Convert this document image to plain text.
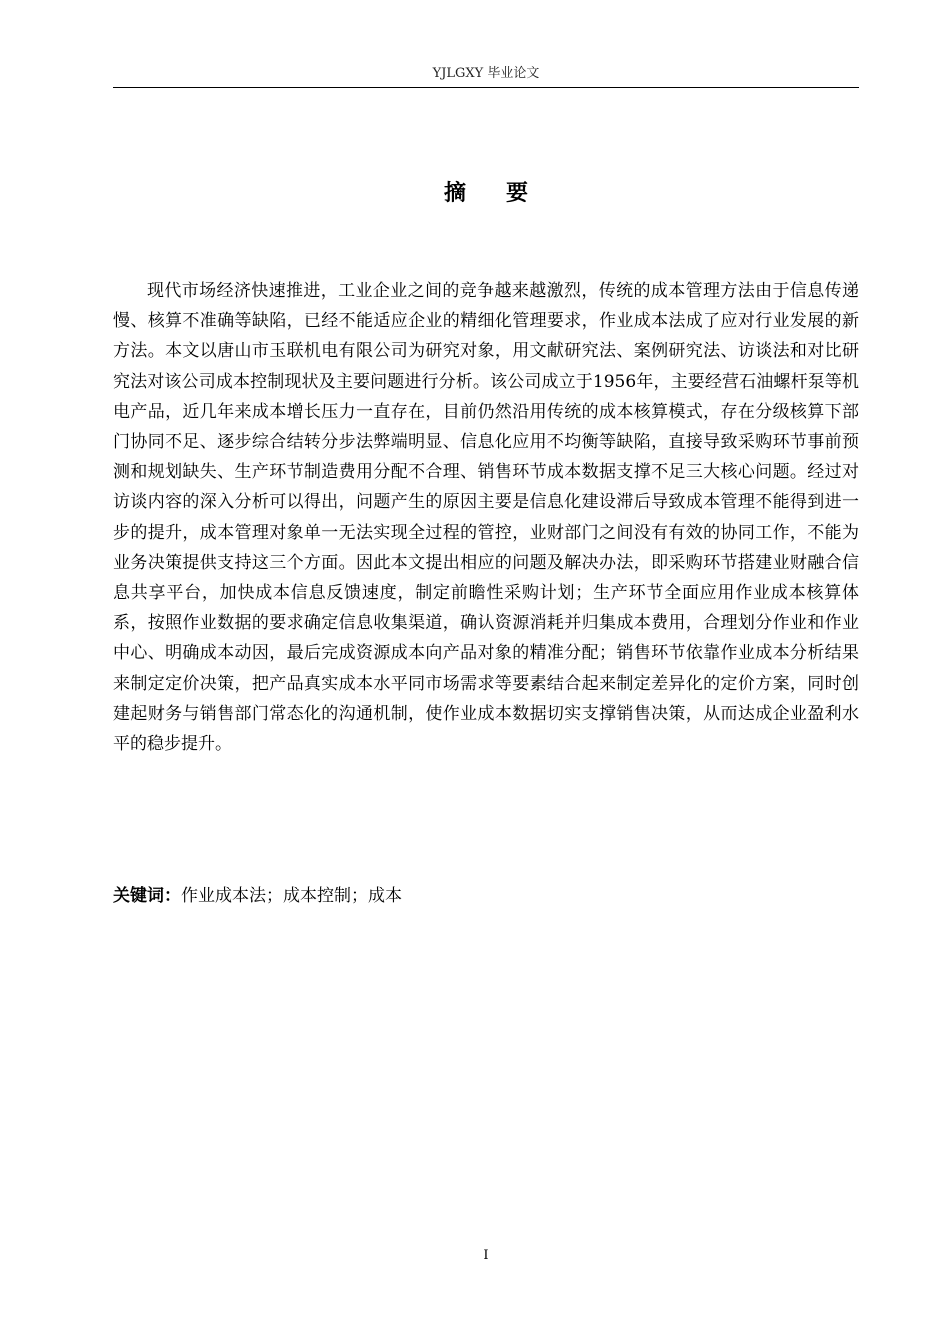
YJLGXY 毕业论文
摘要

现代市场经济快速推进，工业企业之间的竞争越来越激烈，传统的成本管理方法由于信息传递慢、核算不准确等缺陷，已经不能适应企业的精细化管理要求，作业成本法成了应对行业发展的新方法。本文以唐山市玉联机电有限公司为研究对象，用文献研究法、案例研究法、访谈法和对比研究法对该公司成本控制现状及主要问题进行分析。该公司成立于1956年，主要经营石油螺杆泵等机电产品，近几年来成本增长压力一直存在，目前仍然沿用传统的成本核算模式，存在分级核算下部门协同不足、逐步综合结转分步法弊端明显、信息化应用不均衡等缺陷，直接导致采购环节事前预测和规划缺失、生产环节制造费用分配不合理、销售环节成本数据支撑不足三大核心问题。经过对访谈内容的深入分析可以得出，问题产生的原因主要是信息化建设滞后导致成本管理不能得到进一步的提升，成本管理对象单一无法实现全过程的管控，业财部门之间没有有效的协同工作，不能为业务决策提供支持这三个方面。因此本文提出相应的问题及解决办法，即采购环节搭建业财融合信息共享平台，加快成本信息反馈速度，制定前瞻性采购计划；生产环节全面应用作业成本核算体系，按照作业数据的要求确定信息收集渠道，确认资源消耗并归集成本费用，合理划分作业和作业中心、明确成本动因，最后完成资源成本向产品对象的精准分配；销售环节依靠作业成本分析结果来制定定价决策，把产品真实成本水平同市场需求等要素结合起来制定差异化的定价方案，同时创建起财务与销售部门常态化的沟通机制，使作业成本数据切实支撑销售决策，从而达成企业盈利水平的稳步提升。

关键词：作业成本法；成本控制；成本
I
